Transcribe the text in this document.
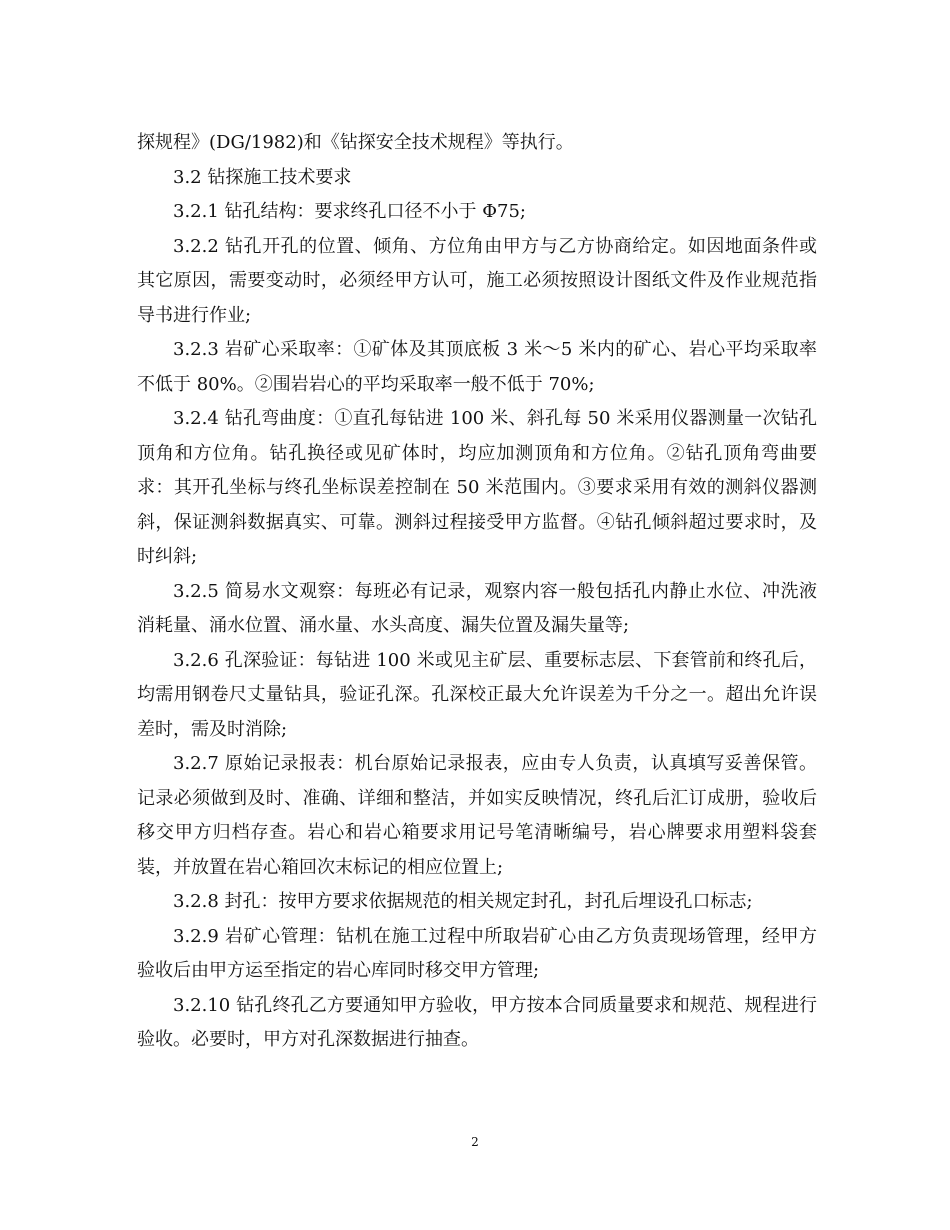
探规程》(DG/1982)和《钻探安全技术规程》等执行。

3.2 钻探施工技术要求

3.2.1 钻孔结构：要求终孔口径不小于 Φ75;

3.2.2 钻孔开孔的位置、倾角、方位角由甲方与乙方协商给定。如因地面条件或其它原因，需要变动时，必须经甲方认可，施工必须按照设计图纸文件及作业规范指导书进行作业;

3.2.3 岩矿心采取率：①矿体及其顶底板 3 米～5 米内的矿心、岩心平均采取率不低于 80%。②围岩岩心的平均采取率一般不低于 70%;

3.2.4 钻孔弯曲度：①直孔每钻进 100 米、斜孔每 50 米采用仪器测量一次钻孔顶角和方位角。钻孔换径或见矿体时，均应加测顶角和方位角。②钻孔顶角弯曲要求：其开孔坐标与终孔坐标误差控制在 50 米范围内。③要求采用有效的测斜仪器测斜，保证测斜数据真实、可靠。测斜过程接受甲方监督。④钻孔倾斜超过要求时，及时纠斜;

3.2.5 简易水文观察：每班必有记录，观察内容一般包括孔内静止水位、冲洗液消耗量、涌水位置、涌水量、水头高度、漏失位置及漏失量等;

3.2.6 孔深验证：每钻进 100 米或见主矿层、重要标志层、下套管前和终孔后，均需用钢卷尺丈量钻具，验证孔深。孔深校正最大允许误差为千分之一。超出允许误差时，需及时消除;

3.2.7 原始记录报表：机台原始记录报表，应由专人负责，认真填写妥善保管。记录必须做到及时、准确、详细和整洁，并如实反映情况，终孔后汇订成册，验收后移交甲方归档存查。岩心和岩心箱要求用记号笔清晰编号，岩心牌要求用塑料袋套装，并放置在岩心箱回次末标记的相应位置上;

3.2.8 封孔：按甲方要求依据规范的相关规定封孔，封孔后埋设孔口标志;

3.2.9 岩矿心管理：钻机在施工过程中所取岩矿心由乙方负责现场管理，经甲方验收后由甲方运至指定的岩心库同时移交甲方管理;

3.2.10 钻孔终孔乙方要通知甲方验收，甲方按本合同质量要求和规范、规程进行验收。必要时，甲方对孔深数据进行抽查。

2
